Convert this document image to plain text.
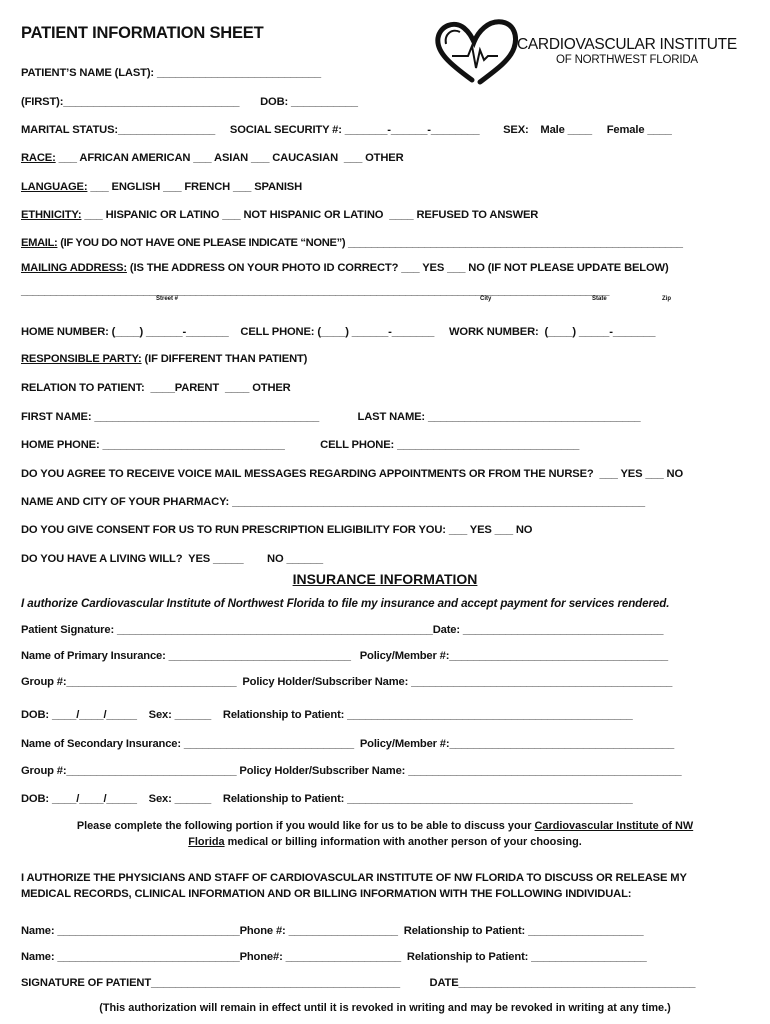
PATIENT INFORMATION SHEET
CARDIOVASCULAR INSTITUTE
OF NORTHWEST FLORIDA
PATIENT’S NAME (LAST): ___________________________
(FIRST):_____________________________       DOB: ___________
MARITAL STATUS:________________     SOCIAL SECURITY #: _______-______-________        SEX:    Male ____     Female ____
RACE: ___ AFRICAN AMERICAN ___ ASIAN ___ CAUCASIAN  ___ OTHER
LANGUAGE: ___ ENGLISH ___ FRENCH ___ SPANISH
ETHNICITY: ___ HISPANIC OR LATINO ___ NOT HISPANIC OR LATINO  ____ REFUSED TO ANSWER
EMAIL: (IF YOU DO NOT HAVE ONE PLEASE INDICATE “NONE”) _________________________________________________________
MAILING ADDRESS: (IS THE ADDRESS ON YOUR PHOTO ID CORRECT? ___ YES ___ NO (IF NOT PLEASE UPDATE BELOW)
_____________________________________________________________________________________________________
Street #	City	State	Zip
HOME NUMBER: (____) ______-_______    CELL PHONE: (____) ______-_______     WORK NUMBER:  (____) _____-_______
RESPONSIBLE PARTY: (IF DIFFERENT THAN PATIENT)
RELATION TO PATIENT:  ____PARENT  ____ OTHER
FIRST NAME: _____________________________________             LAST NAME: ___________________________________
HOME PHONE: ______________________________            CELL PHONE: ______________________________
DO YOU AGREE TO RECEIVE VOICE MAIL MESSAGES REGARDING APPOINTMENTS OR FROM THE NURSE?  ___ YES ___ NO
NAME AND CITY OF YOUR PHARMACY: ____________________________________________________________________
DO YOU GIVE CONSENT FOR US TO RUN PRESCRIPTION ELIGIBILITY FOR YOU: ___ YES ___ NO
DO YOU HAVE A LIVING WILL?  YES _____        NO ______
INSURANCE INFORMATION
I authorize Cardiovascular Institute of Northwest Florida to file my insurance and accept payment for services rendered.
Patient Signature: ____________________________________________________Date: _________________________________
Name of Primary Insurance: ______________________________   Policy/Member #:____________________________________
Group #:____________________________  Policy Holder/Subscriber Name: ___________________________________________
DOB: ____/____/_____    Sex: ______    Relationship to Patient: _______________________________________________
Name of Secondary Insurance: ____________________________  Policy/Member #:_____________________________________
Group #:____________________________ Policy Holder/Subscriber Name: _____________________________________________
DOB: ____/____/_____    Sex: ______    Relationship to Patient: _______________________________________________
Please complete the following portion if you would like for us to be able to discuss your Cardiovascular Institute of NW
Florida medical or billing information with another person of your choosing.
I AUTHORIZE THE PHYSICIANS AND STAFF OF CARDIOVASCULAR INSTITUTE OF NW FLORIDA TO DISCUSS OR RELEASE MY
MEDICAL RECORDS, CLINICAL INFORMATION AND OR BILLING INFORMATION WITH THE FOLLOWING INDIVIDUAL:
Name: ______________________________Phone #: __________________  Relationship to Patient: ___________________
Name: ______________________________Phone#: ___________________  Relationship to Patient: ___________________
SIGNATURE OF PATIENT_________________________________________          DATE_______________________________________
(This authorization will remain in effect until it is revoked in writing and may be revoked in writing at any time.)
